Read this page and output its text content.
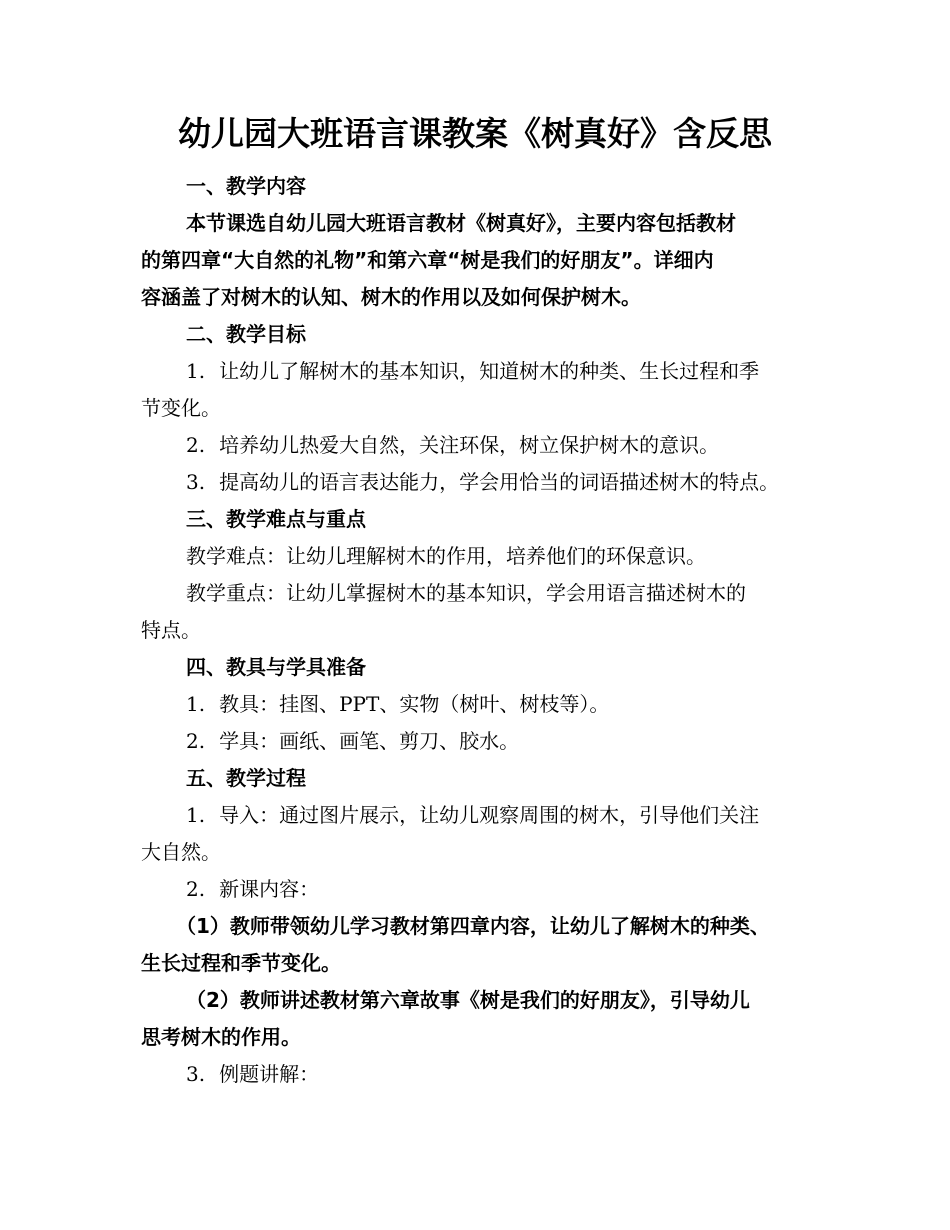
幼儿园大班语言课教案《树真好》含反思

一、教学内容

本节课选自幼儿园大班语言教材《树真好》，主要内容包括教材

的第四章“大自然的礼物”和第六章“树是我们的好朋友”。详细内

容涵盖了对树木的认知、树木的作用以及如何保护树木。

二、教学目标

1. 让幼儿了解树木的基本知识，知道树木的种类、生长过程和季

节变化。

2. 培养幼儿热爱大自然，关注环保，树立保护树木的意识。

3. 提高幼儿的语言表达能力，学会用恰当的词语描述树木的特点。

三、教学难点与重点

教学难点：让幼儿理解树木的作用，培养他们的环保意识。

教学重点：让幼儿掌握树木的基本知识，学会用语言描述树木的

特点。

四、教具与学具准备

1. 教具：挂图、PPT、实物（树叶、树枝等）。

2. 学具：画纸、画笔、剪刀、胶水。

五、教学过程

1. 导入：通过图片展示，让幼儿观察周围的树木，引导他们关注

大自然。

2. 新课内容：

（1）教师带领幼儿学习教材第四章内容，让幼儿了解树木的种类、

生长过程和季节变化。

（2）教师讲述教材第六章故事《树是我们的好朋友》，引导幼儿

思考树木的作用。

3. 例题讲解：
